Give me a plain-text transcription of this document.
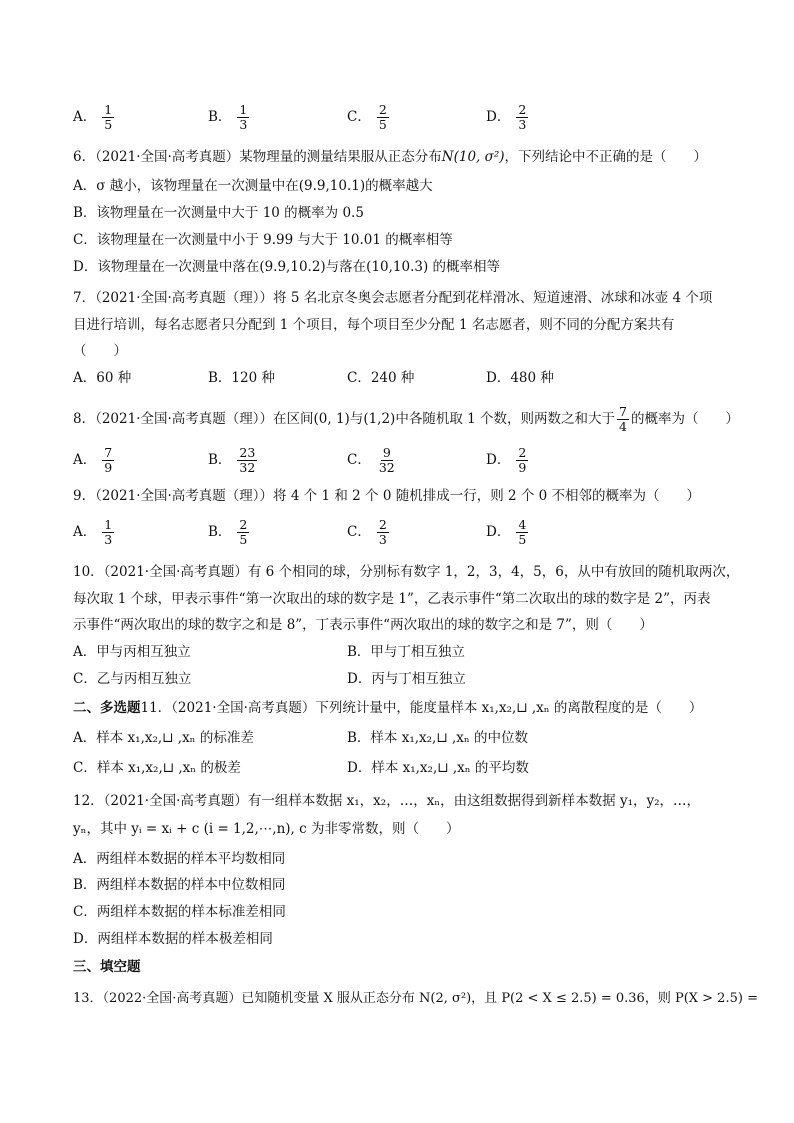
A． $\frac{1}{5}$	B． $\frac{1}{3}$	C． $\frac{2}{5}$	D． $\frac{2}{3}$
6．（2021·全国·高考真题）某物理量的测量结果服从正态分布N(10, σ²)，下列结论中不正确的是（　　）
A．σ 越小，该物理量在一次测量中在(9.9,10.1)的概率越大
B．该物理量在一次测量中大于 10 的概率为 0.5
C．该物理量在一次测量中小于 9.99 与大于 10.01 的概率相等
D．该物理量在一次测量中落在(9.9,10.2)与落在(10,10.3) 的概率相等
7．（2021·全国·高考真题（理））将 5 名北京冬奥会志愿者分配到花样滑冰、短道速滑、冰球和冰壶 4 个项
目进行培训，每名志愿者只分配到 1 个项目，每个项目至少分配 1 名志愿者，则不同的分配方案共有
（　　）
A．60 种	B．120 种	C．240 种	D．480 种
8．（2021·全国·高考真题（理））在区间(0, 1)与(1,2)中各随机取 1 个数，则两数之和大于 $\frac{7}{4}$ 的概率为（　　）
A． $\frac{7}{9}$	B． $\frac{23}{32}$	C． $\frac{9}{32}$	D． $\frac{2}{9}$
9．（2021·全国·高考真题（理））将 4 个 1 和 2 个 0 随机排成一行，则 2 个 0 不相邻的概率为（　　）
A． $\frac{1}{3}$	B． $\frac{2}{5}$	C． $\frac{2}{3}$	D． $\frac{4}{5}$
10．（2021·全国·高考真题）有 6 个相同的球，分别标有数字 1，2，3，4，5，6，从中有放回的随机取两次，
每次取 1 个球，甲表示事件“第一次取出的球的数字是 1”，乙表示事件“第二次取出的球的数字是 2”，丙表
示事件“两次取出的球的数字之和是 8”，丁表示事件“两次取出的球的数字之和是 7”，则（　　）
A．甲与丙相互独立	B．甲与丁相互独立
C．乙与丙相互独立	D．丙与丁相互独立
二、多选题11．（2021·全国·高考真题）下列统计量中，能度量样本 x₁,x₂,⊔ ,xₙ 的离散程度的是（　　）
A．样本 x₁,x₂,⊔ ,xₙ 的标准差	B．样本 x₁,x₂,⊔ ,xₙ 的中位数
C．样本 x₁,x₂,⊔ ,xₙ 的极差	D．样本 x₁,x₂,⊔ ,xₙ 的平均数
12．（2021·全国·高考真题）有一组样本数据 x₁，x₂，…，xₙ，由这组数据得到新样本数据 y₁，y₂，…，
yₙ，其中 yᵢ = xᵢ + c (i = 1,2,⋯,n), c 为非零常数，则（　　）
A．两组样本数据的样本平均数相同
B．两组样本数据的样本中位数相同
C．两组样本数据的样本标准差相同
D．两组样本数据的样本极差相同
三、填空题
13．（2022·全国·高考真题）已知随机变量 X 服从正态分布 N(2, σ²)，且 P(2 < X ≤ 2.5) = 0.36，则 P(X > 2.5) =
